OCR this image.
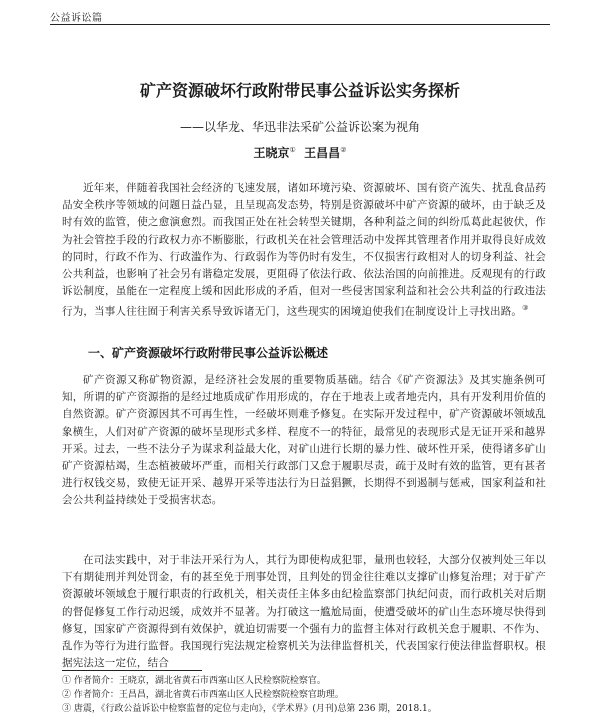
公益诉讼篇
矿产资源破坏行政附带民事公益诉讼实务探析
——以华龙、华迅非法采矿公益诉讼案为视角
王晓京① 王昌昌②

近年来，伴随着我国社会经济的飞速发展，诸如环境污染、资源破坏、国有资产流失、扰乱食品药品安全秩序等领域的问题日益凸显，且呈现高发态势，特别是资源破坏中矿产资源的破坏，由于缺乏及时有效的监管，使之愈演愈烈。而我国正处在社会转型关键期，各种利益之间的纠纷瓜葛此起彼伏，作为社会管控手段的行政权力亦不断膨胀，行政机关在社会管理活动中发挥其管理者作用并取得良好成效的同时，行政不作为、行政滥作为、行政弱作为等仍时有发生，不仅损害行政相对人的切身利益、社会公共利益，也影响了社会另有谐稳定发展，更阻碍了依法行政、依法治国的向前推进。反观现有的行政诉讼制度，虽能在一定程度上缓和因此形成的矛盾，但对一些侵害国家利益和社会公共利益的行政违法行为，当事人往往囿于利害关系导致诉诸无门，这些现实的困境迫使我们在制度设计上寻找出路。③

一、矿产资源破坏行政附带民事公益诉讼概述

矿产资源又称矿物资源，是经济社会发展的重要物质基础。结合《矿产资源法》及其实施条例可知，所谓的矿产资源指的是经过地质成矿作用形成的，存在于地表上或者地壳内，具有开发利用价值的自然资源。矿产资源因其不可再生性，一经破坏则难予修复。在实际开发过程中，矿产资源破坏领域乱象横生，人们对矿产资源的破坏呈现形式多样、程度不一的特征，最常见的表现形式是无证开采和越界开采。过去，一些不法分子为谋求利益最大化，对矿山进行长期的暴力性、破坏性开采，使得诸多矿山矿产资源枯竭，生态植被破坏严重，而相关行政部门又怠于履职尽责，疏于及时有效的监管，更有甚者进行权钱交易，致使无证开采、越界开采等违法行为日益猖獗，长期得不到遏制与惩戒，国家利益和社会公共利益持续处于受损害状态。

在司法实践中，对于非法开采行为人，其行为即使构成犯罪，量刑也较轻，大部分仅被判处三年以下有期徒刑并判处罚金，有的甚至免于刑事处罚，且判处的罚金往往难以支撑矿山修复治理；对于矿产资源破坏领域怠于履行职责的行政机关，相关责任主体多由纪检监察部门执纪问责，而行政机关对后期的督促修复工作行动迟缓，成效并不显著。为打破这一尴尬局面，使遭受破坏的矿山生态环境尽快得到修复，国家矿产资源得到有效保护，就迫切需要一个强有力的监督主体对行政机关怠于履职、不作为、乱作为等行为进行监督。我国现行宪法规定检察机关为法律监督机关，代表国家行使法律监督职权。根据宪法这一定位，结合

① 作者简介：王晓京，湖北省黄石市西塞山区人民检察院检察官。
② 作者简介：王昌昌，湖北省黄石市西塞山区人民检察院检察官助理。
③ 唐震，《行政公益诉讼中检察监督的定位与走向》，《学术界》(月刊)总第 236 期，2018.1。
